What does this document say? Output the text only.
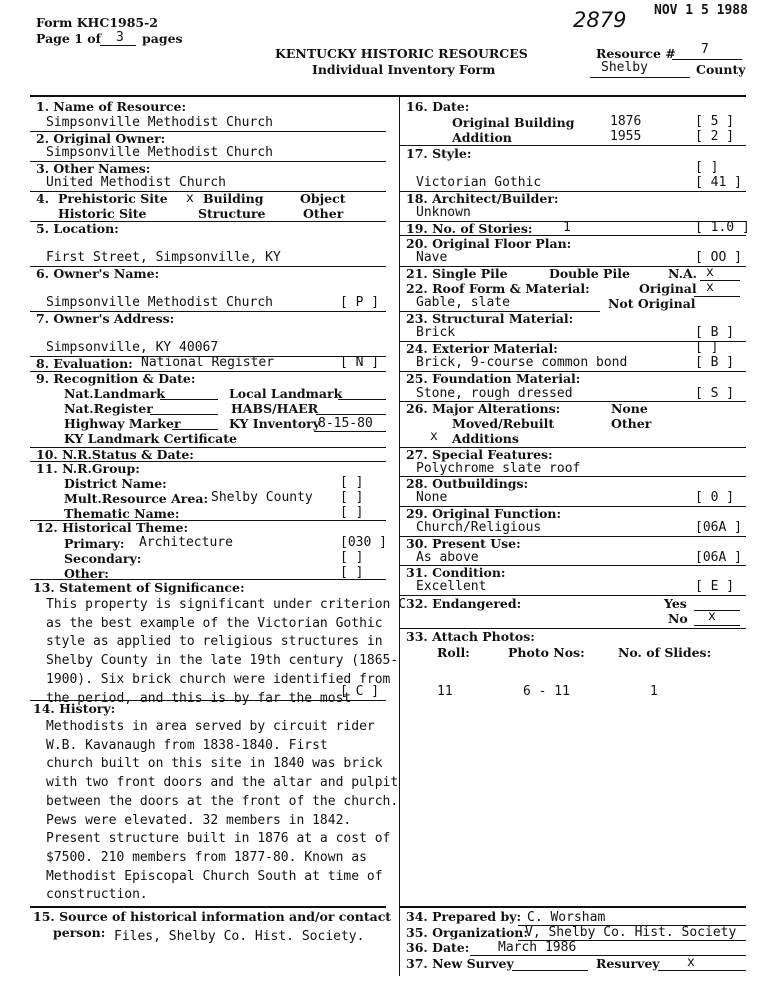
Form KHC1985-2
Page 1 of 3 pages
KENTUCKY HISTORIC RESOURCES
Individual Inventory Form
Resource # 7
Shelby	County
2879 NOV 1 5 1988
1. Name of Resource:
Simpsonville Methodist Church
2. Original Owner:
Simpsonville Methodist Church
3. Other Names:
United Methodist Church
4. Prehistoric Site
Historic Site
x Building
Structure
Object
Other
5. Location:
First Street, Simpsonville, KY
6. Owner's Name:
Simpsonville Methodist Church	[ P ]
7. Owner's Address:
Simpsonville, KY 40067
8. Evaluation: National Register	[ N ]
9. Recognition & Date:
Nat.Landmark	Local Landmark
Nat.Register	HABS/HAER
Highway Marker	KY Inventory
8-15-80
KY Landmark Certificate
10. N.R.Status & Date:
11. N.R.Group:
District Name:	[ ]
Mult.Resource Area: Shelby County [ ]
Thematic Name:	[ ]
12. Historical Theme:
Primary: Architecture	[030 ]
Secondary:	[ ]
Other:	[ ]
13. Statement of Significance:
This property is significant under criterion C
as the best example of the Victorian Gothic
style as applied to religious structures in
Shelby County in the late 19th century (1865-
1900). Six brick church were identified from
the period, and this is by far the most
[ C ]
14. History:
Methodists in area served by circuit rider
W.B. Kavanaugh from 1838-1840. First
church built on this site in 1840 was brick
with two front doors and the altar and pulpit
between the doors at the front of the church.
Pews were elevated. 32 members in 1842.
Present structure built in 1876 at a cost of
$7500. 210 members from 1877-80. Known as
Methodist Episcopal Church South at time of
construction.
15. Source of historical information and/or contact
person: Files, Shelby Co. Hist. Society.
16. Date:
Original Building	1876	[ 5 ]
Addition	1955	[ 2 ]
17. Style:
[ ]
Victorian Gothic	[ 41 ]
18. Architect/Builder:
Unknown
19. No. of Stories: 1	[ 1.0 ]
20. Original Floor Plan:
Nave	[ OO ]
21. Single Pile	Double Pile	N.A. x
22. Roof Form & Material:	Original x
Gable, slate	Not Original
23. Structural Material:
Brick	[ B ]
24. Exterior Material:	[ ]
Brick, 9-course common bond	[ B ]
25. Foundation Material:
Stone, rough dressed	[ S ]
26. Major Alterations:	None
Moved/Rebuilt	Other
x Additions
27. Special Features:
Polychrome slate roof
28. Outbuildings:
None	[ 0 ]
29. Original Function:
Church/Religious	[06A ]
30. Present Use:
As above	[06A ]
31. Condition:
Excellent	[ E ]
32. Endangered:	Yes
No x
33. Attach Photos:
Roll:	Photo Nos:	No. of Slides:
11	6 - 11	1
34. Prepared by: C. Worsham
35. Organization:
V, Shelby Co. Hist. Society
36. Date: March 1986
37. New Survey	Resurvey x
